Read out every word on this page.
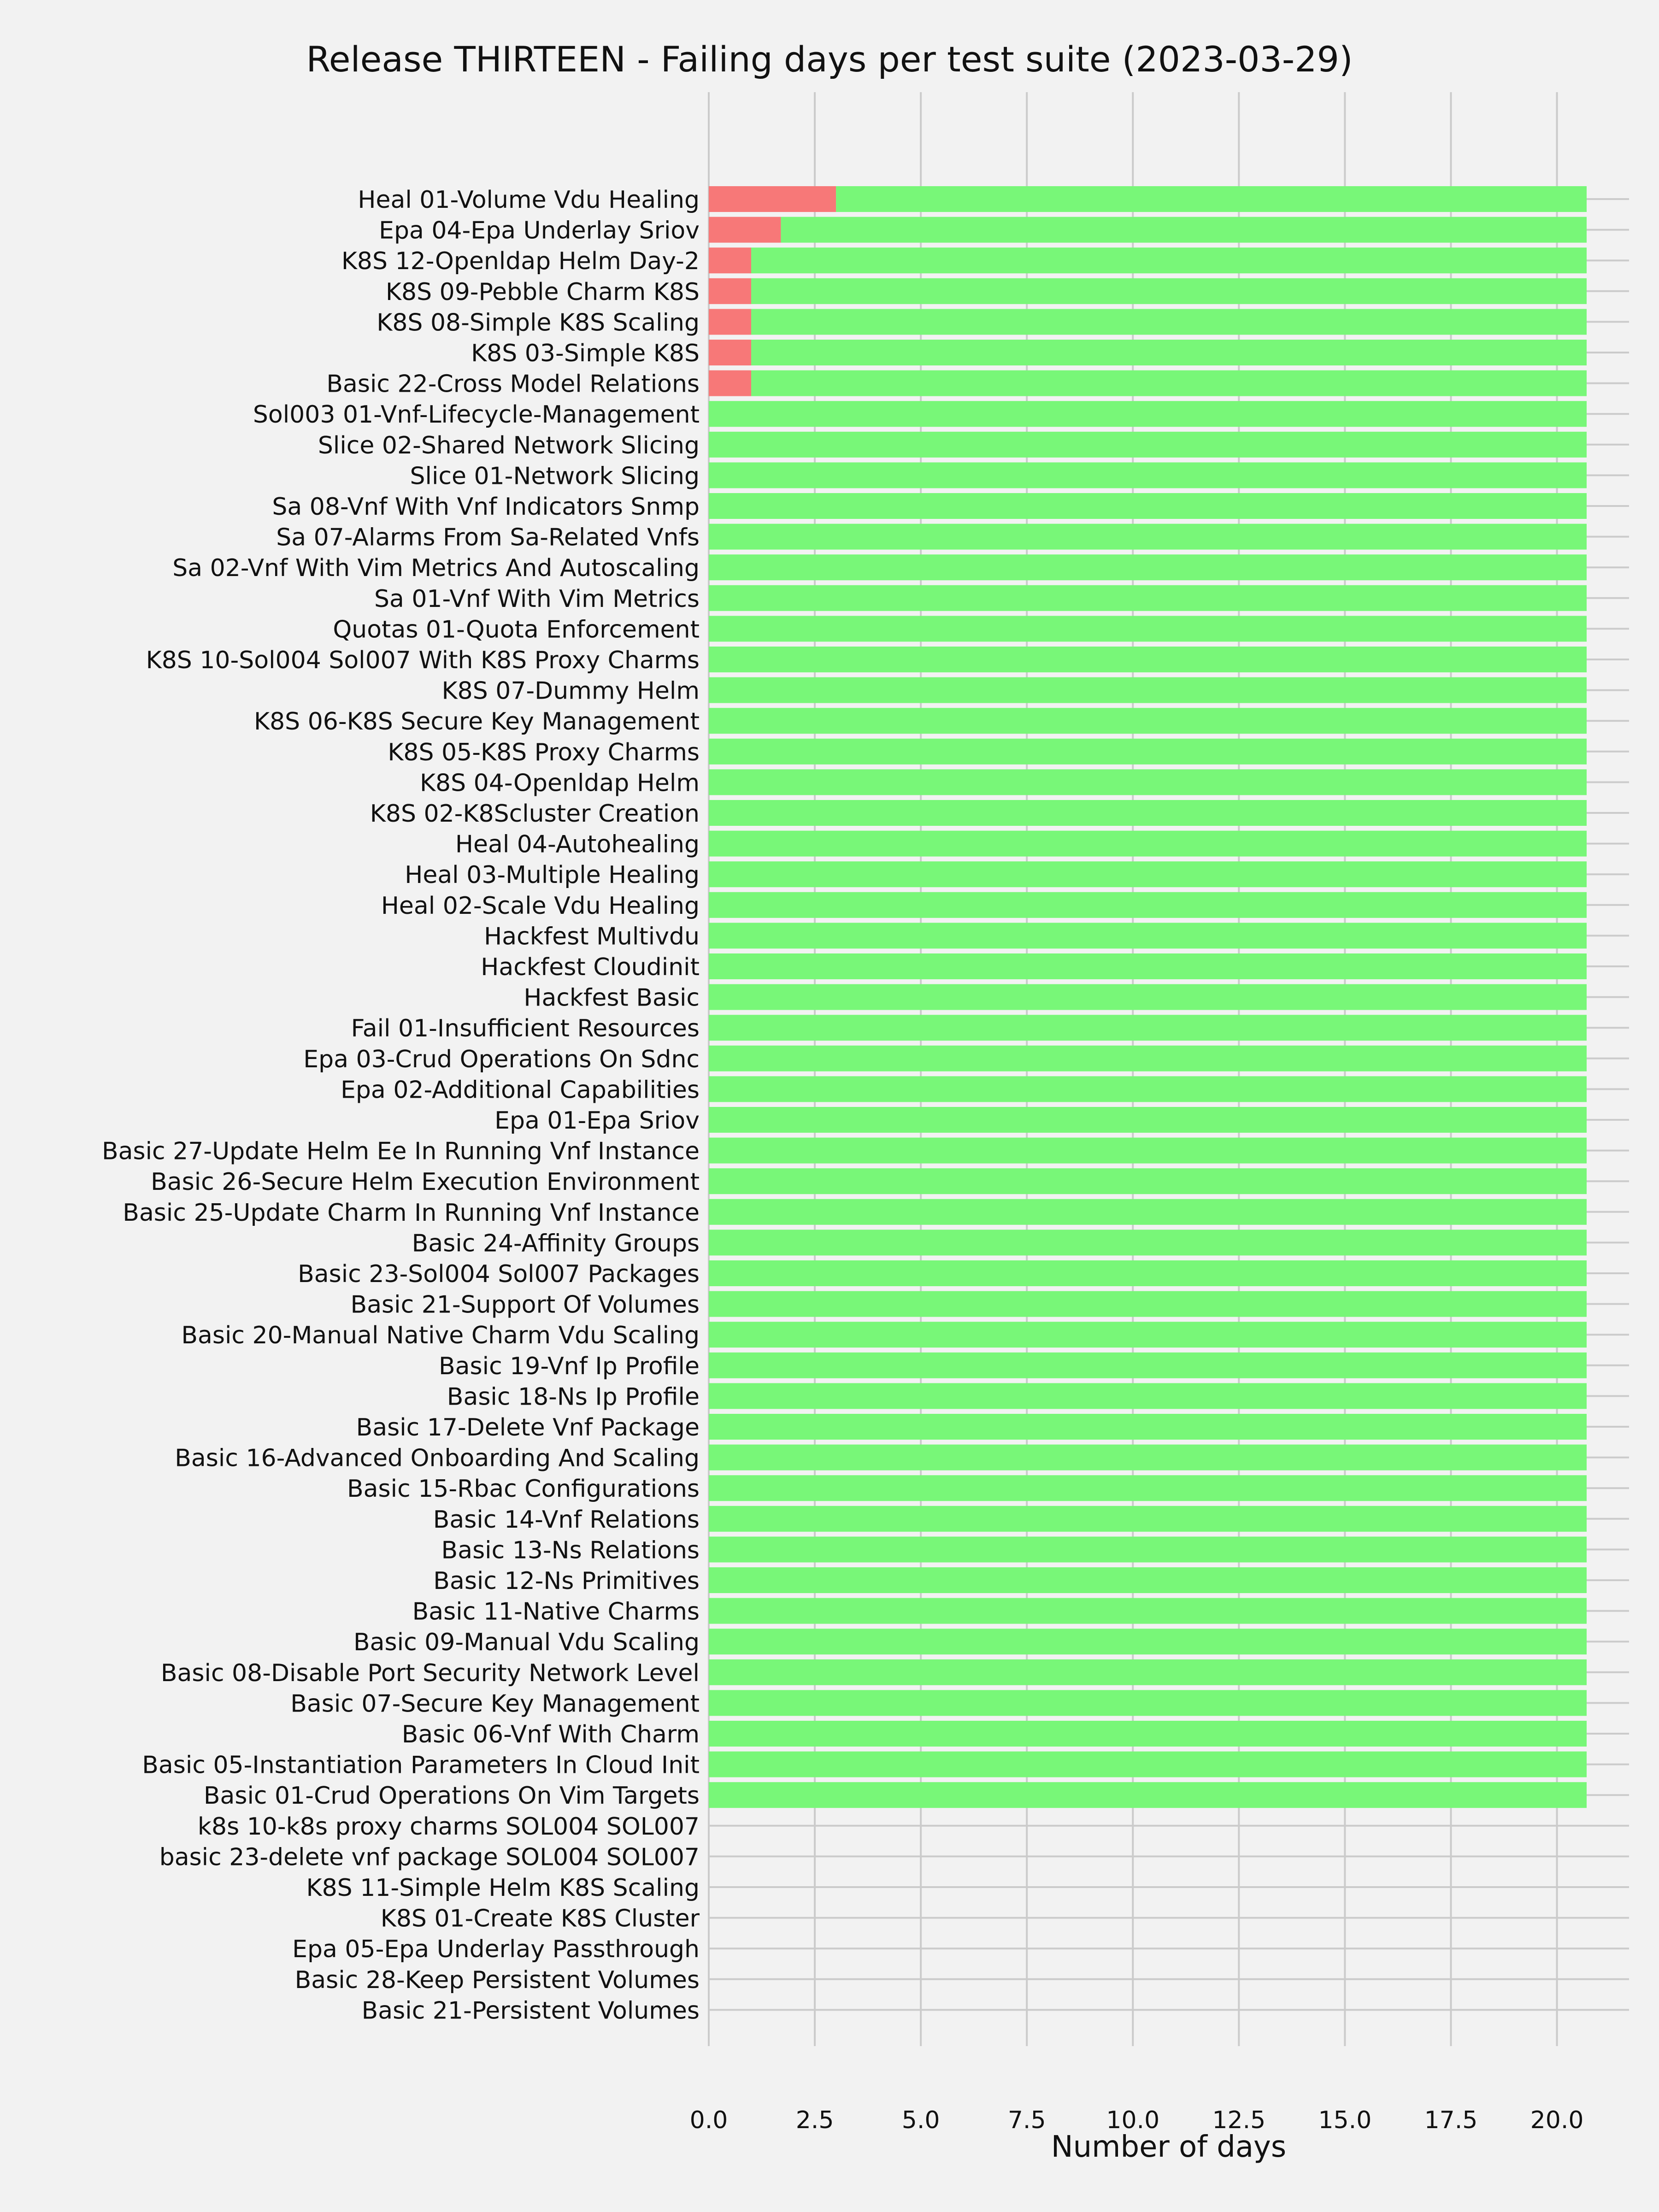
Release THIRTEEN - Failing days per test suite (2023-03-29)
Heal 01-Volume Vdu Healing
Epa 04-Epa Underlay Sriov
K8S 12-Openldap Helm Day-2
K8S 09-Pebble Charm K8S
K8S 08-Simple K8S Scaling
K8S 03-Simple K8S
Basic 22-Cross Model Relations
Sol003 01-Vnf-Lifecycle-Management
Slice 02-Shared Network Slicing
Slice 01-Network Slicing
Sa 08-Vnf With Vnf Indicators Snmp
Sa 07-Alarms From Sa-Related Vnfs
Sa 02-Vnf With Vim Metrics And Autoscaling
Sa 01-Vnf With Vim Metrics
Quotas 01-Quota Enforcement
K8S 10-Sol004 Sol007 With K8S Proxy Charms
K8S 07-Dummy Helm
K8S 06-K8S Secure Key Management
K8S 05-K8S Proxy Charms
K8S 04-Openldap Helm
K8S 02-K8Scluster Creation
Heal 04-Autohealing
Heal 03-Multiple Healing
Heal 02-Scale Vdu Healing
Hackfest Multivdu
Hackfest Cloudinit
Hackfest Basic
Fail 01-Insufficient Resources
Epa 03-Crud Operations On Sdnc
Epa 02-Additional Capabilities
Epa 01-Epa Sriov
Basic 27-Update Helm Ee In Running Vnf Instance
Basic 26-Secure Helm Execution Environment
Basic 25-Update Charm In Running Vnf Instance
Basic 24-Affinity Groups
Basic 23-Sol004 Sol007 Packages
Basic 21-Support Of Volumes
Basic 20-Manual Native Charm Vdu Scaling
Basic 19-Vnf Ip Profile
Basic 18-Ns Ip Profile
Basic 17-Delete Vnf Package
Basic 16-Advanced Onboarding And Scaling
Basic 15-Rbac Configurations
Basic 14-Vnf Relations
Basic 13-Ns Relations
Basic 12-Ns Primitives
Basic 11-Native Charms
Basic 09-Manual Vdu Scaling
Basic 08-Disable Port Security Network Level
Basic 07-Secure Key Management
Basic 06-Vnf With Charm
Basic 05-Instantiation Parameters In Cloud Init
Basic 01-Crud Operations On Vim Targets
k8s 10-k8s proxy charms SOL004 SOL007
basic 23-delete vnf package SOL004 SOL007
K8S 11-Simple Helm K8S Scaling
K8S 01-Create K8S Cluster
Epa 05-Epa Underlay Passthrough
Basic 28-Keep Persistent Volumes
Basic 21-Persistent Volumes
0.0	2.5	5.0	7.5	10.0 12.5 15.0 17.5 20.0
Number of days
